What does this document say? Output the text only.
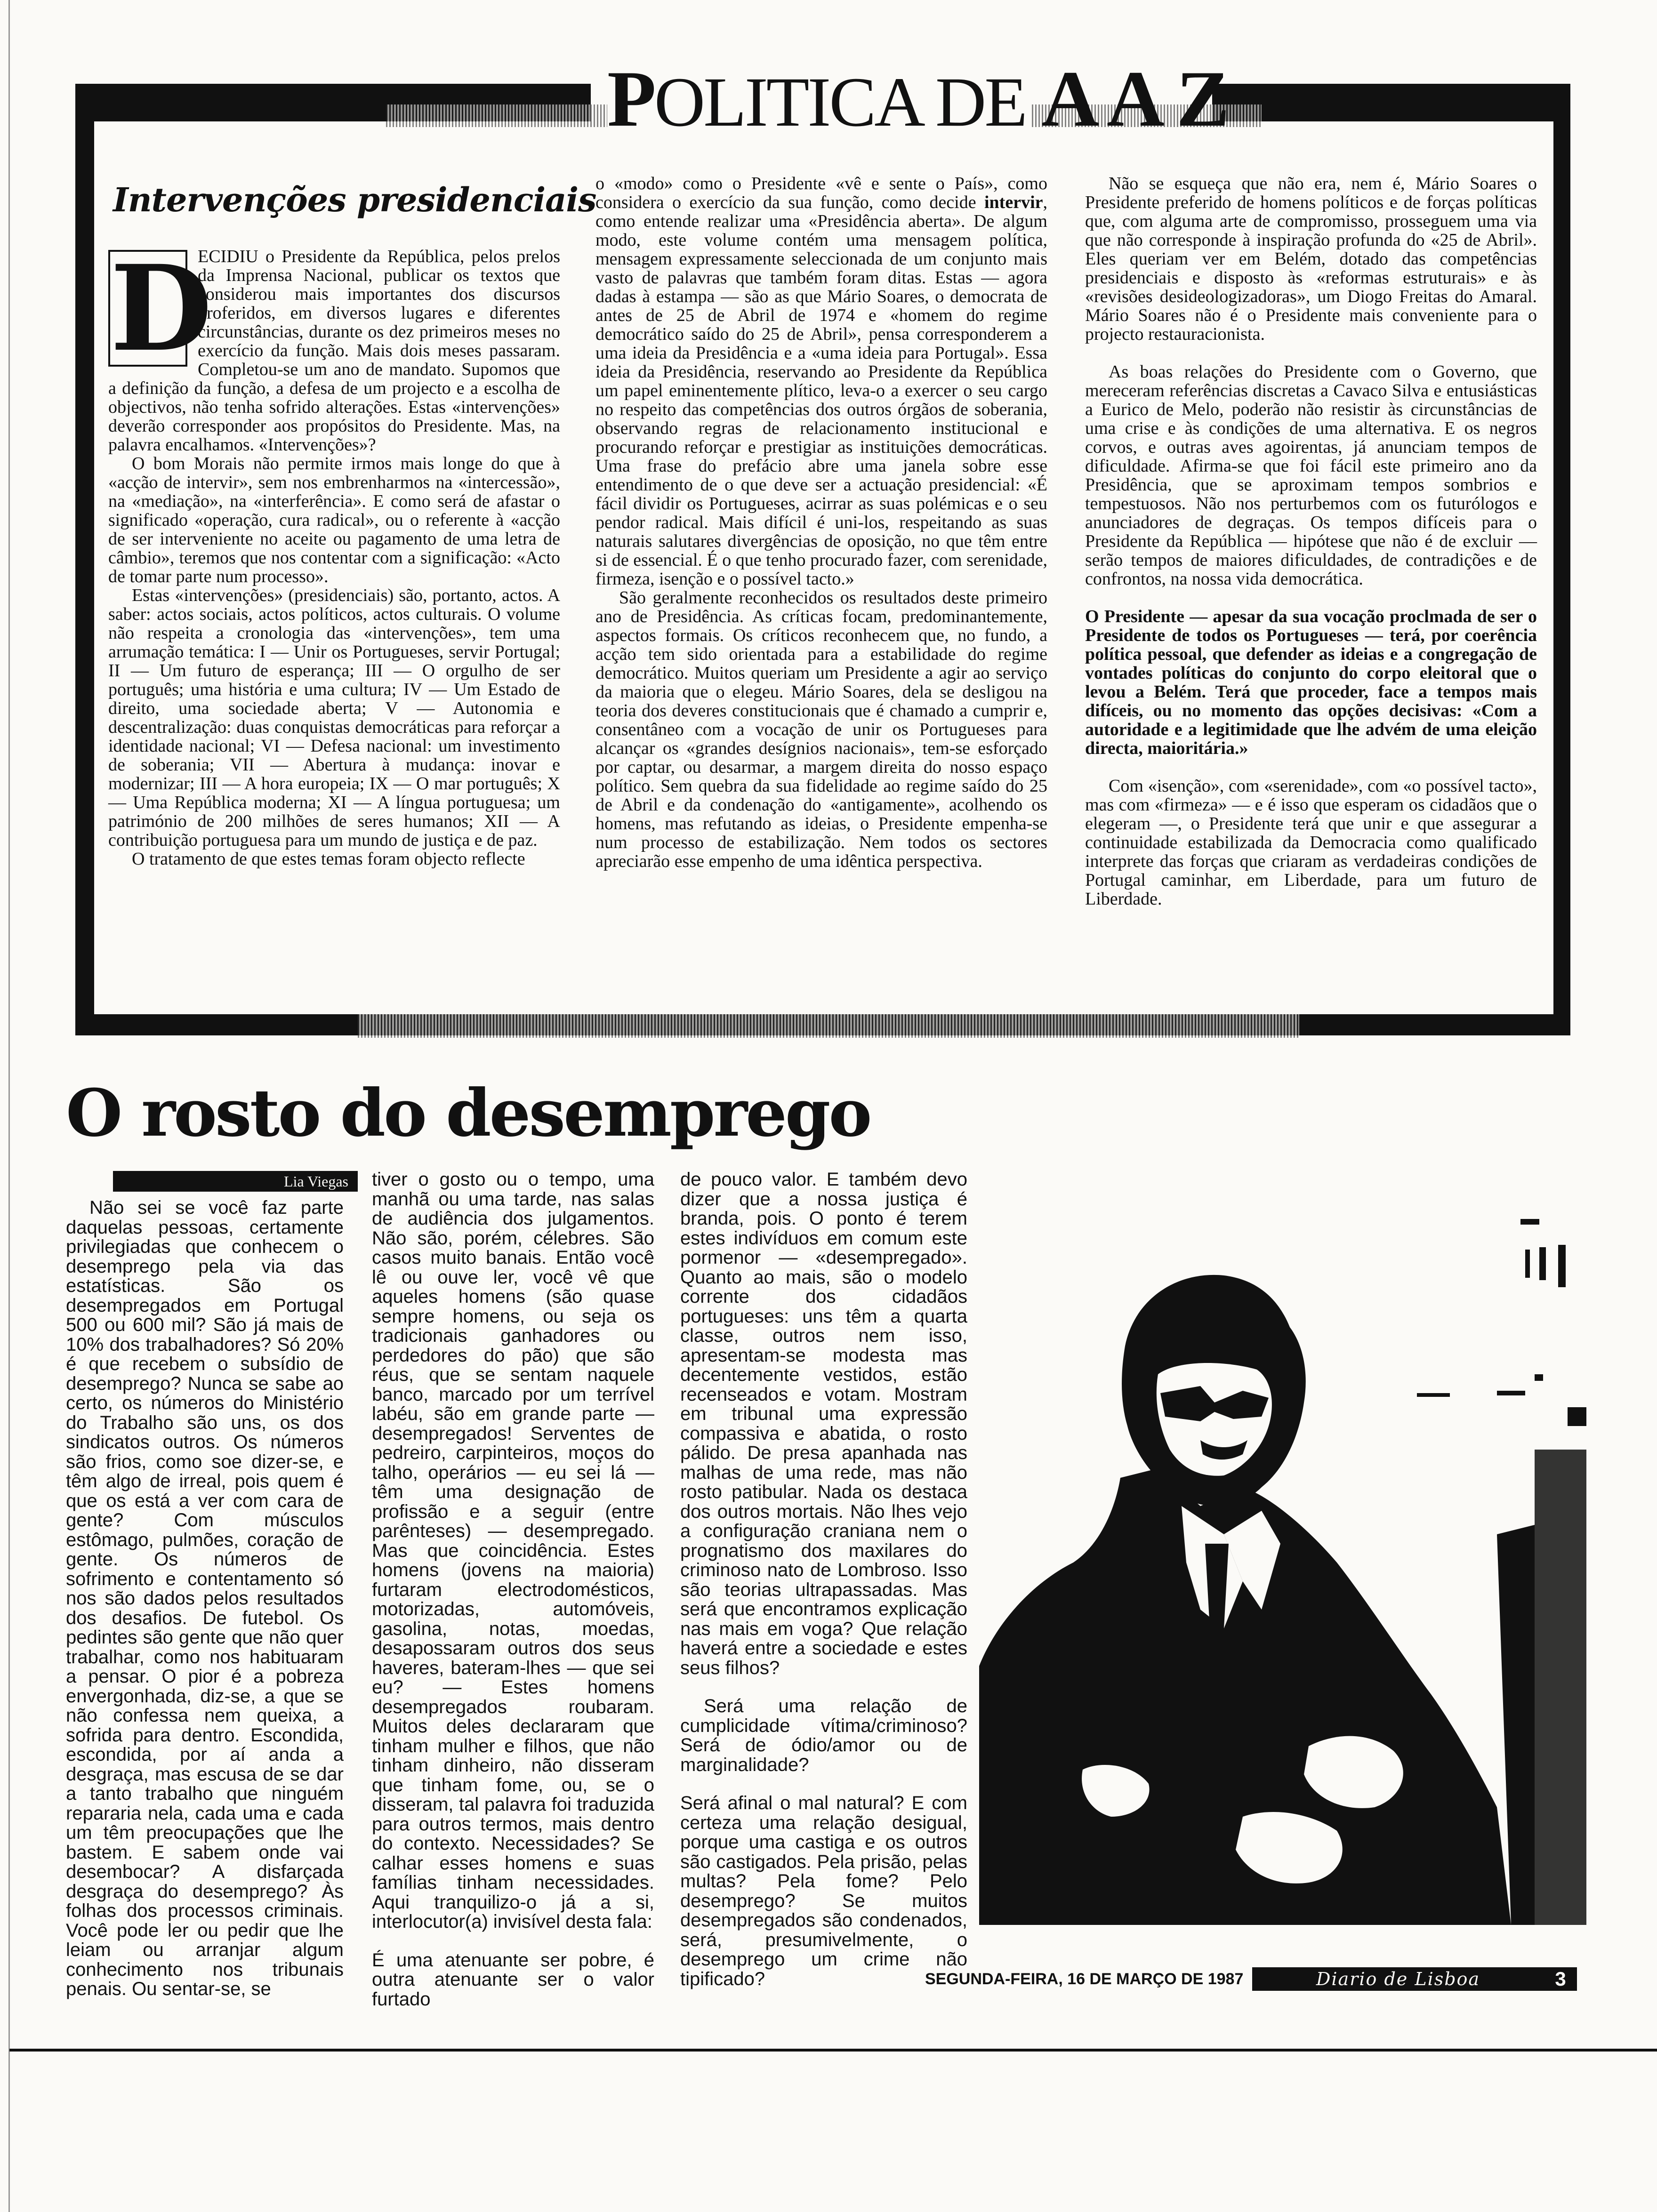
POLITICA DE A A Z
Intervenções presidenciais
D

ECIDIU o Presidente da República, pelos prelos da Imprensa Nacional, publicar os textos que considerou mais importantes dos discursos proferidos, em diversos lugares e diferentes circunstâncias, durante os dez primeiros meses no exercício da função. Mais dois meses passaram. Completou-se um ano de mandato. Supomos que a definição da função, a defesa de um projecto e a escolha de objectivos, não tenha sofrido alterações. Estas «intervenções» deverão corresponder aos propósitos do Presidente. Mas, na palavra encalhamos. «Intervenções»?

O bom Morais não permite irmos mais longe do que à «acção de intervir», sem nos embrenharmos na «intercessão», na «mediação», na «interferência». E como será de afastar o significado «operação, cura radical», ou o referente à «acção de ser interveniente no aceite ou pagamento de uma letra de câmbio», teremos que nos contentar com a significação: «Acto de tomar parte num processo».

Estas «intervenções» (presidenciais) são, portanto, actos. A saber: actos sociais, actos políticos, actos culturais. O volume não respeita a cronologia das «intervenções», tem uma arrumação temática: I — Unir os Portugueses, servir Portugal; II — Um futuro de esperança; III — O orgulho de ser português; uma história e uma cultura; IV — Um Estado de direito, uma sociedade aberta; V — Autonomia e descentralização: duas conquistas democráticas para reforçar a identidade nacional; VI — Defesa nacional: um investimento de soberania; VII — Abertura à mudança: inovar e modernizar; III — A hora europeia; IX — O mar português; X — Uma República moderna; XI — A língua portuguesa; um património de 200 milhões de seres humanos; XII — A contribuição portuguesa para um mundo de justiça e de paz.

O tratamento de que estes temas foram objecto reflecte

o «modo» como o Presidente «vê e sente o País», como considera o exercício da sua função, como decide intervir, como entende realizar uma «Presidência aberta». De algum modo, este volume contém uma mensagem política, mensagem expressamente seleccionada de um conjunto mais vasto de palavras que também foram ditas. Estas — agora dadas à estampa — são as que Mário Soares, o democrata de antes de 25 de Abril de 1974 e «homem do regime democrático saído do 25 de Abril», pensa corresponderem a uma ideia da Presidência e a «uma ideia para Portugal». Essa ideia da Presidência, reservando ao Presidente da República um papel eminentemente plítico, leva-o a exercer o seu cargo no respeito das competências dos outros órgãos de soberania, observando regras de relacionamento institucional e procurando reforçar e prestigiar as instituições democráticas. Uma frase do prefácio abre uma janela sobre esse entendimento de o que deve ser a actuação presidencial: «É fácil dividir os Portugueses, acirrar as suas polémicas e o seu pendor radical. Mais difícil é uni-los, respeitando as suas naturais salutares divergências de oposição, no que têm entre si de essencial. É o que tenho procurado fazer, com serenidade, firmeza, isenção e o possível tacto.»

São geralmente reconhecidos os resultados deste primeiro ano de Presidência. As críticas focam, predominantemente, aspectos formais. Os críticos reconhecem que, no fundo, a acção tem sido orientada para a estabilidade do regime democrático. Muitos queriam um Presidente a agir ao serviço da maioria que o elegeu. Mário Soares, dela se desligou na teoria dos deveres constitucionais que é chamado a cumprir e, consentâneo com a vocação de unir os Portugueses para alcançar os «grandes desígnios nacionais», tem-se esforçado por captar, ou desarmar, a margem direita do nosso espaço político. Sem quebra da sua fidelidade ao regime saído do 25 de Abril e da condenação do «antigamente», acolhendo os homens, mas refutando as ideias, o Presidente empenha-se num processo de estabilização. Nem todos os sectores apreciarão esse empenho de uma idêntica perspectiva.

Não se esqueça que não era, nem é, Mário Soares o Presidente preferido de homens políticos e de forças políticas que, com alguma arte de compromisso, prosseguem uma via que não corresponde à inspiração profunda do «25 de Abril». Eles queriam ver em Belém, dotado das competências presidenciais e disposto às «reformas estruturais» e às «revisões desideologizadoras», um Diogo Freitas do Amaral. Mário Soares não é o Presidente mais conveniente para o projecto restauracionista.

As boas relações do Presidente com o Governo, que mereceram referências discretas a Cavaco Silva e entusiásticas a Eurico de Melo, poderão não resistir às circunstâncias de uma crise e às condições de uma alternativa. E os negros corvos, e outras aves agoirentas, já anunciam tempos de dificuldade. Afirma-se que foi fácil este primeiro ano da Presidência, que se aproximam tempos sombrios e tempestuosos. Não nos perturbemos com os futurólogos e anunciadores de degraças. Os tempos difíceis para o Presidente da República — hipótese que não é de excluir — serão tempos de maiores dificuldades, de contradições e de confrontos, na nossa vida democrática.

O Presidente — apesar da sua vocação proclmada de ser o Presidente de todos os Portugueses — terá, por coerência política pessoal, que defender as ideias e a congregação de vontades políticas do conjunto do corpo eleitoral que o levou a Belém. Terá que proceder, face a tempos mais difíceis, ou no momento das opções decisivas: «Com a autoridade e a legitimidade que lhe advém de uma eleição directa, maioritária.»

Com «isenção», com «serenidade», com «o possível tacto», mas com «firmeza» — e é isso que esperam os cidadãos que o elegeram —, o Presidente terá que unir e que assegurar a continuidade estabilizada da Democracia como qualificado interprete das forças que criaram as verdadeiras condições de Portugal caminhar, em Liberdade, para um futuro de Liberdade.

O rosto do desemprego
Lia Viegas

Não sei se você faz parte daquelas pessoas, certamente privilegiadas que conhecem o desemprego pela via das estatísticas. São os desempregados em Portugal 500 ou 600 mil? São já mais de 10% dos trabalhadores? Só 20% é que recebem o subsídio de desemprego? Nunca se sabe ao certo, os números do Ministério do Trabalho são uns, os dos sindicatos outros. Os números são frios, como soe dizer-se, e têm algo de irreal, pois quem é que os está a ver com cara de gente? Com músculos estômago, pulmões, coração de gente. Os números de sofrimento e contentamento só nos são dados pelos resultados dos desafios. De futebol. Os pedintes são gente que não quer trabalhar, como nos habituaram a pensar. O pior é a pobreza envergonhada, diz-se, a que se não confessa nem queixa, a sofrida para dentro. Escondida, escondida, por aí anda a desgraça, mas escusa de se dar a tanto trabalho que ninguém repararia nela, cada uma e cada um têm preocupações que lhe bastem. E sabem onde vai desembocar? A disfarçada desgraça do desemprego? Às folhas dos processos criminais. Você pode ler ou pedir que lhe leiam ou arranjar algum conhecimento nos tribunais penais. Ou sentar-se, se

tiver o gosto ou o tempo, uma manhã ou uma tarde, nas salas de audiência dos julgamentos. Não são, porém, célebres. São casos muito banais. Então você lê ou ouve ler, você vê que aqueles homens (são quase sempre homens, ou seja os tradicionais ganhadores ou perdedores do pão) que são réus, que se sentam naquele banco, marcado por um terrível labéu, são em grande parte — desempregados! Serventes de pedreiro, carpinteiros, moços do talho, operários — eu sei lá — têm uma designação de profissão e a seguir (entre parênteses) — desempregado. Mas que coincidência. Estes homens (jovens na maioria) furtaram electrodomésticos, motorizadas, automóveis, gasolina, notas, moedas, desapossaram outros dos seus haveres, bateram-lhes — que sei eu? — Estes homens desempregados roubaram. Muitos deles declararam que tinham mulher e filhos, que não tinham dinheiro, não disseram que tinham fome, ou, se o disseram, tal palavra foi traduzida para outros termos, mais dentro do contexto. Necessidades? Se calhar esses homens e suas famílias tinham necessidades. Aqui tranquilizo-o já a si, interlocutor(a) invisível desta fala:

É uma atenuante ser pobre, é outra atenuante ser o valor furtado

de pouco valor. E também devo dizer que a nossa justiça é branda, pois. O ponto é terem estes indivíduos em comum este pormenor — «desempregado». Quanto ao mais, são o modelo corrente dos cidadãos portugueses: uns têm a quarta classe, outros nem isso, apresentam-se modesta mas decentemente vestidos, estão recenseados e votam. Mostram em tribunal uma expressão compassiva e abatida, o rosto pálido. De presa apanhada nas malhas de uma rede, mas não rosto patibular. Nada os destaca dos outros mortais. Não lhes vejo a configuração craniana nem o prognatismo dos maxilares do criminoso nato de Lombroso. Isso são teorias ultrapassadas. Mas será que encontramos explicação nas mais em voga? Que relação haverá entre a sociedade e estes seus filhos?

Será uma relação de cumplicidade vítima/criminoso? Será de ódio/amor ou de marginalidade?

Será afinal o mal natural? E com certeza uma relação desigual, porque uma castiga e os outros são castigados. Pela prisão, pelas multas? Pela fome? Pelo desemprego? Se muitos desempregados são condenados, será, presumivelmente, o desemprego um crime não tipificado?	SEGUNDA-FEIRA, 16 DE MARÇO DE 1987	Diario de Lisboa	3
